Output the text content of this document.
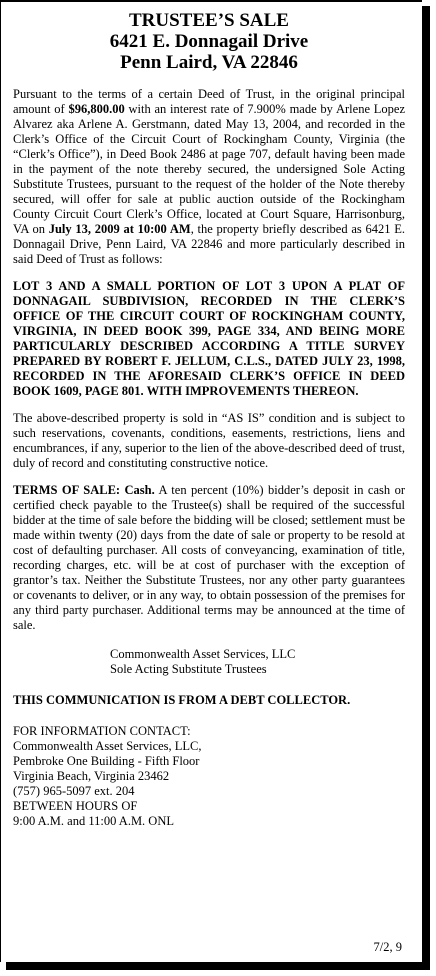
TRUSTEE’S SALE
6421 E. Donnagail Drive
Penn Laird, VA 22846

Pursuant to the terms of a certain Deed of Trust, in the original principal amount of $96,800.00 with an interest rate of 7.900% made by Arlene Lopez Alvarez aka Arlene A. Gerstmann, dated May 13, 2004, and recorded in the Clerk’s Office of the Circuit Court of Rockingham County, Virginia (the “Clerk’s Office”), in Deed Book 2486 at page 707, default having been made in the payment of the note thereby secured, the undersigned Sole Acting Substitute Trustees, pursuant to the request of the holder of the Note thereby secured, will offer for sale at public auction outside of the Rockingham County Circuit Court Clerk’s Office, located at Court Square, Harrisonburg, VA on July 13, 2009 at 10:00 AM, the property briefly described as 6421 E. Donnagail Drive, Penn Laird, VA 22846 and more particularly described in said Deed of Trust as follows:

LOT 3 AND A SMALL PORTION OF LOT 3 UPON A PLAT OF DONNAGAIL SUBDIVISION, RECORDED IN THE CLERK’S OFFICE OF THE CIRCUIT COURT OF ROCKINGHAM COUNTY, VIRGINIA, IN DEED BOOK 399, PAGE 334, AND BEING MORE PARTICULARLY DESCRIBED ACCORDING A TITLE SURVEY PREPARED BY ROBERT F. JELLUM, C.L.S., DATED JULY 23, 1998, RECORDED IN THE AFORESAID CLERK’S OFFICE IN DEED BOOK 1609, PAGE 801. WITH IMPROVEMENTS THEREON.

The above-described property is sold in “AS IS” condition and is subject to such reservations, covenants, conditions, easements, restrictions, liens and encumbrances, if any, superior to the lien of the above-described deed of trust, duly of record and constituting constructive notice.

TERMS OF SALE: Cash. A ten percent (10%) bidder’s deposit in cash or certified check payable to the Trustee(s) shall be required of the successful bidder at the time of sale before the bidding will be closed; settlement must be made within twenty (20) days from the date of sale or property to be resold at cost of defaulting purchaser. All costs of conveyancing, examination of title, recording charges, etc. will be at cost of purchaser with the exception of grantor’s tax. Neither the Substitute Trustees, nor any other party guarantees or covenants to deliver, or in any way, to obtain possession of the premises for any third party purchaser. Additional terms may be announced at the time of sale.

Commonwealth Asset Services, LLC
Sole Acting Substitute Trustees
THIS COMMUNICATION IS FROM A DEBT COLLECTOR.
FOR INFORMATION CONTACT:
Commonwealth Asset Services, LLC,
Pembroke One Building - Fifth Floor
Virginia Beach, Virginia 23462
(757) 965-5097 ext. 204
BETWEEN HOURS OF
9:00 A.M. and 11:00 A.M. ONL
7/2, 9
